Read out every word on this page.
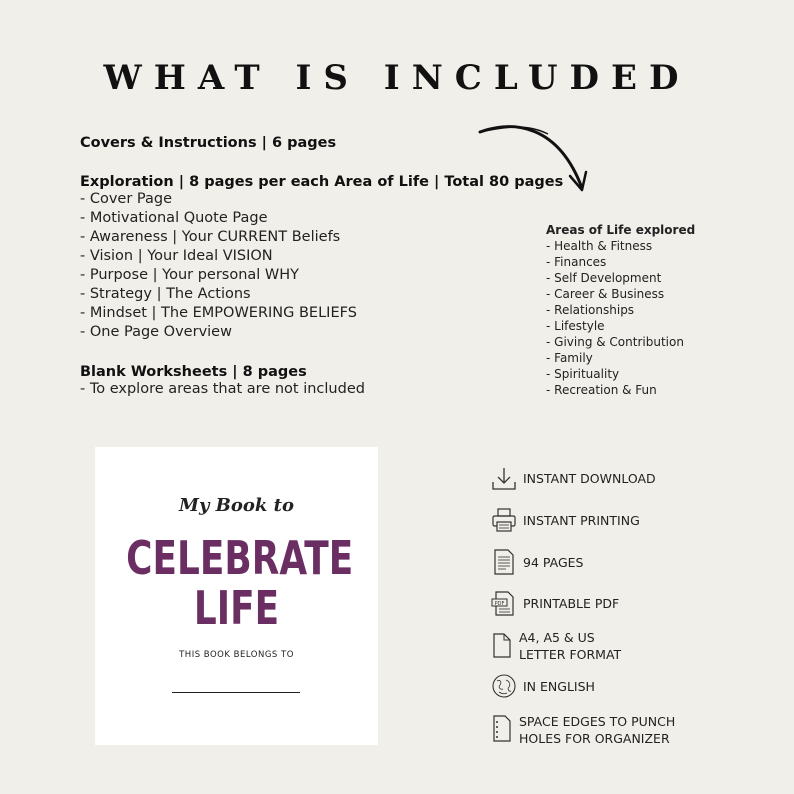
WHAT IS INCLUDED
Covers & Instructions | 6 pages
Exploration | 8 pages per each Area of Life | Total 80 pages
- Cover Page
- Motivational Quote Page
- Awareness | Your CURRENT Beliefs
- Vision | Your Ideal VISION
- Purpose | Your personal WHY
- Strategy | The Actions
- Mindset | The EMPOWERING BELIEFS
- One Page Overview
Blank Worksheets | 8 pages
- To explore areas that are not included
Areas of Life explored
- Health & Fitness
- Finances
- Self Development
- Career & Business
- Relationships
- Lifestyle
- Giving & Contribution
- Family
- Spirituality
- Recreation & Fun
My Book to
CELEBRATE
LIFE
THIS BOOK BELONGS TO
INSTANT DOWNLOAD
INSTANT PRINTING
94 PAGES
PDF PRINTABLE PDF
A4, A5 & US
LETTER FORMAT
IN ENGLISH
SPACE EDGES TO PUNCH
HOLES FOR ORGANIZER
